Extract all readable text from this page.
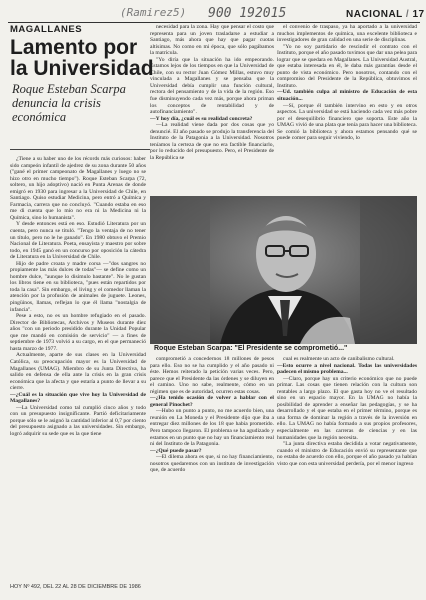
(Ramirez5) 900 192015	NACIONAL / 17
MAGALLANES
Lamento por la Universidad
Roque Esteban Scarpa denuncia la crisis económica

¿Tiene a su haber uno de los récords más curiosos: haber sido campeón infantil de ajedrez de su zona durante 50 años ("gané el primer campeonato de Magallanes y luego no se hizo otro en mucho tiempo"). Roque Esteban Scarpa (72, soltero, un hijo adoptivo) nació en Punta Arenas de donde emigró en 1930 para ingresar a la Universidad de Chile, en Santiago. Quiso estudiar Medicina, pero entró a Química y Farmacia, carrera que no concluyó. "Cuando estaba en eso me di cuenta que lo mío no era ni la Medicina ni la Química, sino lo humanista".

Y desde entonces está en eso. Estudió Literatura por un cuenta, pero nunca se tituló. "Tengo la ventaja de no tener un título, pero no le he ganado". En 1980 obtuvo el Premio Nacional de Literatura. Poeta, ensayista y maestro por sobre todo, en 1945 ganó en un concurso por oposición la cátedra de Literatura en la Universidad de Chile.

Hijo de padre croata y madre corsa —"dos sangres no propiamente las más dulces de todas"— se define como un hombre dulce, "aunque lo disimulo bastante". No le gustan los libros tiene en su biblioteca, "pues están repartidos por toda la casa". Sin embargo, el living y el comedor llaman la atención por la profusión de animales de juguete. Leones, pingüinos, llamas, reflejan lo que él llama "nostalgia de infancia".

Pese a esto, no es un hombre refugiado en el pasado. Director de Bibliotecas, Archivos y Museos durante diez años "con un periodo presidido durante la Unidad Popular que me mandó en comisión de servicio" — a fines de septiembre de 1973 volvió a su cargo, en el que permaneció hasta marzo de 1977.

Actualmente, aparte de sus clases en la Universidad Católica, su preocupación mayor es la Universidad de Magallanes (UMAG). Miembro de su Junta Directiva, ha salido en defensa de ella ante la crisis en la gran crisis económica que la afecta y que estaría a punto de llevar a su cierre.

—¿Cuál es la situación que vive hoy la Universidad de Magallanes?

—La Universidad como tal cumplió cinco años y todo con un presupuesto insignificante. Partió deficitariamente porque sólo se le asignó la cantidad inferior al 0,7 por ciento del presupuesto asignado a las universidades. Sin embargo, logró adquirir su sede que es la que tiene

necesidad para la zona. Hay que pensar el costo que representa para un joven trasladarse a estudiar a Santiago, más ahora que hay que pagar cuotas altísimas. No como en mi época, que sólo pagábamos la matrícula.

"Yo diría que la situación ha ido empeorando. Estamos lejos de los tiempos en que la Universidad de Chile, con su rector Juan Gómez Millas, estuvo muy vinculada a Magallanes y se pensaba que la Universidad debía cumplir una función cultural, rectora del pensamiento y de la vida de la región. Eso fue disminuyendo cada vez más, porque ahora priman los conceptos de rentabilidad y de autofinanciamiento".

—Y hoy día, ¿cuál es su realidad concreta?

—La realidad viene dada por dos cosas que yo denuncié. El año pasado se produjo la transferencia del Instituto de la Patagonia a la Universidad. Nosotros teníamos la certeza de que no era factible financiarlo, por lo reducido del presupuesto. Pero, el Presidente de la República se

el convenio de traspaso, ya ha aportado a la universidad muchos implementos de química, una excelente biblioteca e investigadores de gran calidad en una serie de disciplinas.

"Yo no soy partidario de rescindir el contrato con el Instituto, porque el año pasado tuvimos que dar una pelea para lograr que se quedara en Magallanes. La Universidad Austral, que estaba interesada en él, le daba más garantías desde el punto de vista económico. Pero nosotros, contando con el compromiso del Presidente de la República, obtuvimos el Instituto.

—Ud. también culpa al ministro de Educación de esta situación...

—Sí, porque él también intervino en esto y en otros aspectos. La universidad se está haciendo cada vez más pobre por el desequilibrio financiero que soporta. Este año la UMAG vivió de una plata que tenía para hacer una biblioteca. Se comió la biblioteca y ahora estamos pensando qué se puede comer para seguir viviendo, lo

Roque Esteban Scarpa: "El Presidente se comprometió..."

comprometió a concedernos 18 millones de pesos para ello. Eso no se ha cumplido y el año pasado ni éste. Hemos reiterado la petición varias veces. Pero, parece que el Presidente da las órdenes y se diluyen en el camino. Uno no sabe, realmente, cómo en un régimen que es de autoridad, ocurren estas cosas.

—¿Ha tenido ocasión de volver a hablar con el general Pinochet?

—Hubo un punto a punto, no me acuerdo bien, una reunión en La Moneda y el Presidente dijo que iba a entregar diez millones de los 18 que había prometido. Pero tampoco llegaron. El problema se ha agudizado y estamos en un punto que no hay un financiamiento real ni del Instituto de la Patagonia.

—¿Qué puede pasar?

—El dilema ahora es que, si no hay financiamiento, nosotros quedaremos con un instituto de investigación que, de acuerdo

cual es realmente un acto de canibalismo cultural.

—Esto ocurre a nivel nacional. Todas las universidades padecen el mismo problema...

—Claro, porque hay un criterio económico que no puede primar. Las cosas que tienen relación con la cultura son rentables a largo plazo. El que gasta hoy no ve el resultado sino en un espacio mayor. En la UMAG no había la posibilidad de aprender a enseñar las pedagogías, y se ha desarrollado y el que estaba en el primer término, porque es una forma de dominar la región a través de la inversión en ello. La UMAG no había formado a sus propios profesores, especialmente en las carreras de ciencias y en las humanidades que la región necesita.

"La junta directiva estaba decidida a votar negativamente, cuando el ministro de Educación envió su representante que no estaba de acuerdo con ello, porque el año pasado ya habían visto que con esta universidad perdería, por el menor ingreso

HOY Nº 492, DEL 22 AL 28 DE DICIEMBRE DE 1986
